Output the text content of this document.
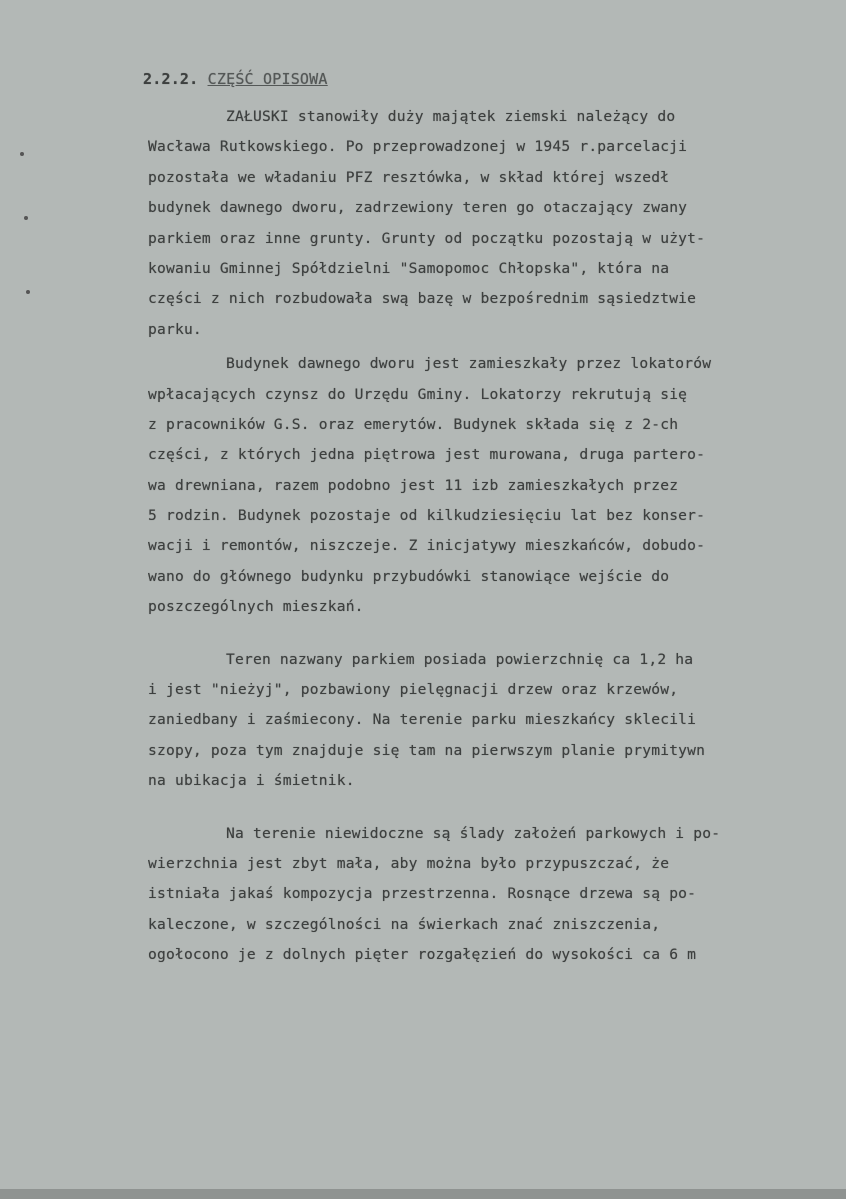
2.2.2. CZĘŚĆ OPISOWA
ZAŁUSKI stanowiły duży majątek ziemski należący do
Wacława Rutkowskiego. Po przeprowadzonej w 1945 r.parcelacji
pozostała we władaniu PFZ resztówka, w skład której wszedł
budynek dawnego dworu, zadrzewiony teren go otaczający zwany
parkiem oraz inne grunty. Grunty od początku pozostają w użyt-
kowaniu Gminnej Spółdzielni "Samopomoc Chłopska", która na
części z nich rozbudowała swą bazę w bezpośrednim sąsiedztwie
parku.
Budynek dawnego dworu jest zamieszkały przez lokatorów
wpłacających czynsz do Urzędu Gminy. Lokatorzy rekrutują się
z pracowników G.S. oraz emerytów. Budynek składa się z 2-ch
części, z których jedna piętrowa jest murowana, druga partero-
wa drewniana, razem podobno jest 11 izb zamieszkałych przez
5 rodzin. Budynek pozostaje od kilkudziesięciu lat bez konser-
wacji i remontów, niszczeje. Z inicjatywy mieszkańców, dobudo-
wano do głównego budynku przybudówki stanowiące wejście do
poszczególnych mieszkań.
Teren nazwany parkiem posiada powierzchnię ca 1,2 ha
i jest "nieżyj", pozbawiony pielęgnacji drzew oraz krzewów,
zaniedbany i zaśmiecony. Na terenie parku mieszkańcy sklecili
szopy, poza tym znajduje się tam na pierwszym planie prymitywn
na ubikacja i śmietnik.
Na terenie niewidoczne są ślady założeń parkowych i po-
wierzchnia jest zbyt mała, aby można było przypuszczać, że
istniała jakaś kompozycja przestrzenna. Rosnące drzewa są po-
kaleczone, w szczególności na świerkach znać zniszczenia,
ogołocono je z dolnych pięter rozgałęzień do wysokości ca 6 m
